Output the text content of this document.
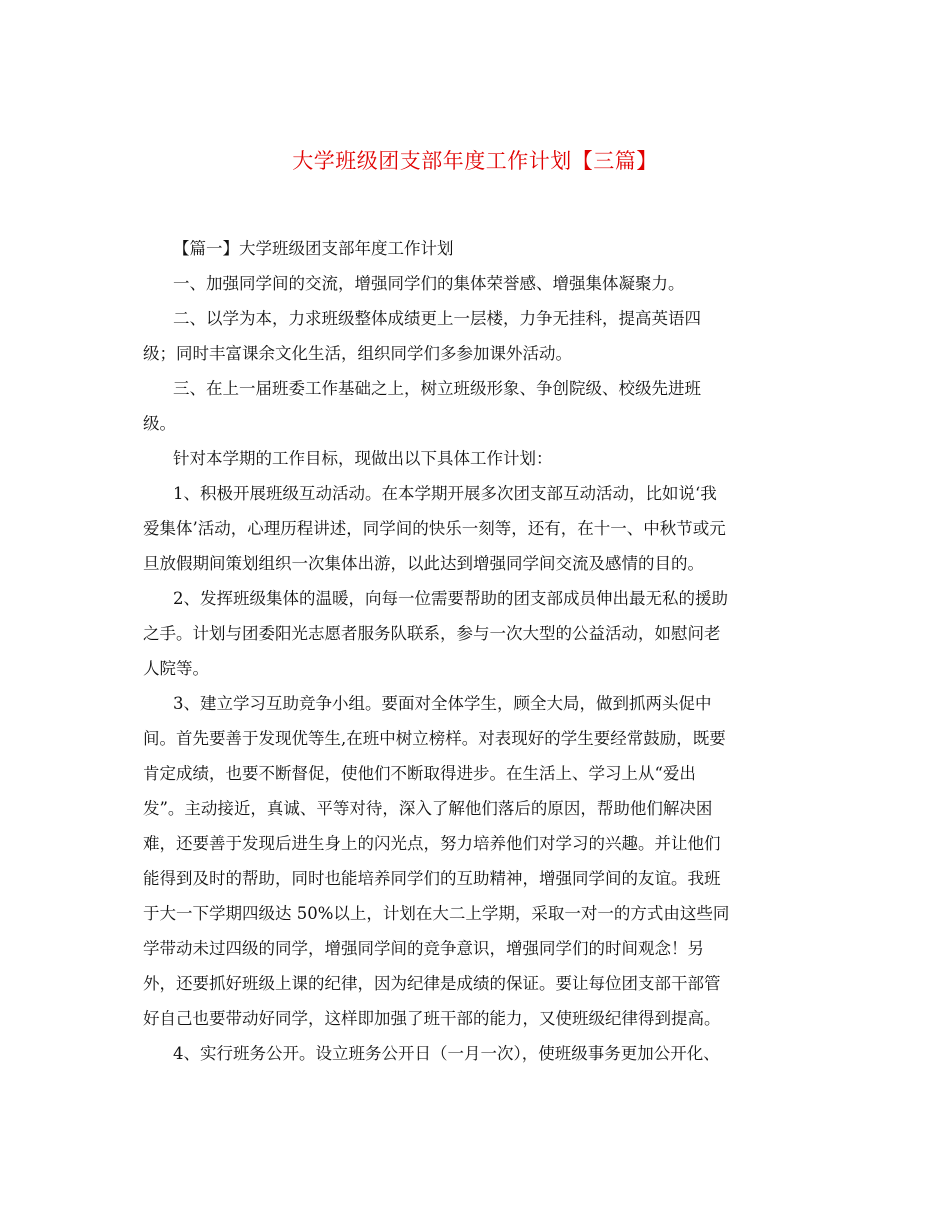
大学班级团支部年度工作计划【三篇】
【篇一】大学班级团支部年度工作计划
一、加强同学间的交流，增强同学们的集体荣誉感、增强集体凝聚力。
二、以学为本，力求班级整体成绩更上一层楼，力争无挂科，提高英语四
级；同时丰富课余文化生活，组织同学们多参加课外活动。
三、在上一届班委工作基础之上，树立班级形象、争创院级、校级先进班
级。
针对本学期的工作目标，现做出以下具体工作计划：
1、积极开展班级互动活动。在本学期开展多次团支部互动活动，比如说‘我
爱集体’活动，心理历程讲述，同学间的快乐一刻等，还有，在十一、中秋节或元
旦放假期间策划组织一次集体出游，以此达到增强同学间交流及感情的目的。
2、发挥班级集体的温暖，向每一位需要帮助的团支部成员伸出最无私的援助
之手。计划与团委阳光志愿者服务队联系，参与一次大型的公益活动，如慰问老
人院等。
3、建立学习互助竞争小组。要面对全体学生，顾全大局，做到抓两头促中
间。首先要善于发现优等生,在班中树立榜样。对表现好的学生要经常鼓励，既要
肯定成绩，也要不断督促，使他们不断取得进步。在生活上、学习上从“爱出
发”。主动接近，真诚、平等对待，深入了解他们落后的原因，帮助他们解决困
难，还要善于发现后进生身上的闪光点，努力培养他们对学习的兴趣。并让他们
能得到及时的帮助，同时也能培养同学们的互助精神，增强同学间的友谊。我班
于大一下学期四级达 50%以上，计划在大二上学期，采取一对一的方式由这些同
学带动未过四级的同学，增强同学间的竞争意识，增强同学们的时间观念！另
外，还要抓好班级上课的纪律，因为纪律是成绩的保证。要让每位团支部干部管
好自己也要带动好同学，这样即加强了班干部的能力，又使班级纪律得到提高。
4、实行班务公开。设立班务公开日（一月一次），使班级事务更加公开化、
